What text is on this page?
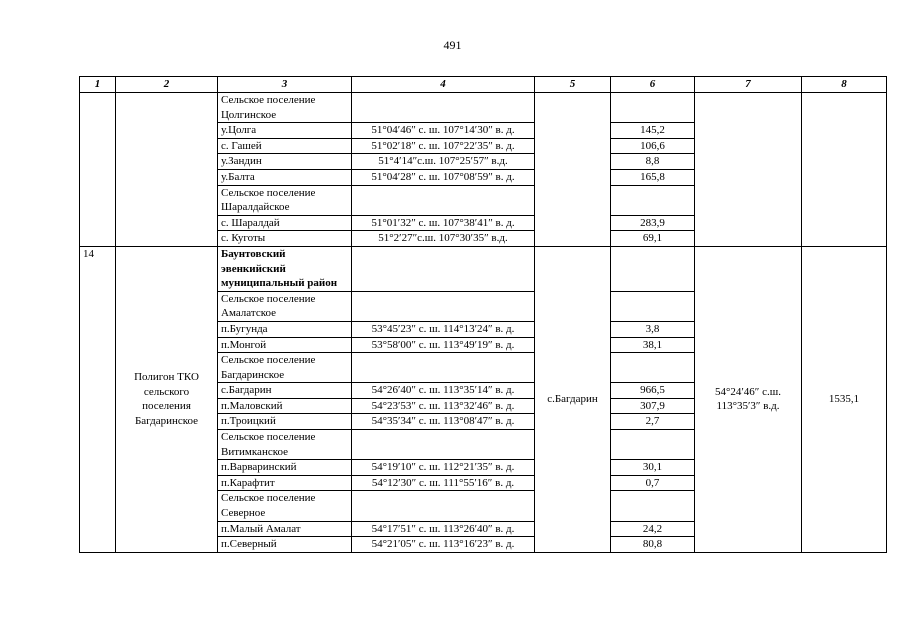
491
1	2	3	4	5	6	7	8
		Сельское поселение Цолгинское					
		у.Цолга	51°04′46″ с. ш. 107°14′30″ в. д.		145,2		
		с. Гашей	51°02′18″ с. ш. 107°22′35″ в. д.		106,6		
		у.Зандин	51°4′14″с.ш. 107°25′57″ в.д.		8,8		
		у.Балта	51°04′28″ с. ш. 107°08′59″ в. д.		165,8		
		Сельское поселение Шаралдайское					
		с. Шаралдай	51°01′32″ с. ш. 107°38′41″ в. д.		283,9		
		с. Куготы	51°2′27″с.ш. 107°30′35″ в.д.		69,1		
14	Полигон ТКО сельского поселения Багдаринское	Баунтовский эвенкийский муниципальный район		с.Багдарин		54°24′46″ с.ш. 113°35′3″ в.д.	1535,1
		Сельское поселение Амалатское					
		п.Бугунда	53°45′23″ с. ш. 114°13′24″ в. д.		3,8		
		п.Монгой	53°58′00″ с. ш. 113°49′19″ в. д.		38,1		
		Сельское поселение Багдаринское					
		с.Багдарин	54°26′40″ с. ш. 113°35′14″ в. д.		966,5		
		п.Маловский	54°23′53″ с. ш. 113°32′46″ в. д.		307,9		
		п.Троицкий	54°35′34″ с. ш. 113°08′47″ в. д.		2,7		
		Сельское поселение Витимканское					
		п.Варваринский	54°19′10″ с. ш. 112°21′35″ в. д.		30,1		
		п.Карафтит	54°12′30″ с. ш. 111°55′16″ в. д.		0,7		
		Сельское поселение Северное					
		п.Малый Амалат	54°17′51″ с. ш. 113°26′40″ в. д.		24,2		
		п.Северный	54°21′05″ с. ш. 113°16′23″ в. д.		80,8		
